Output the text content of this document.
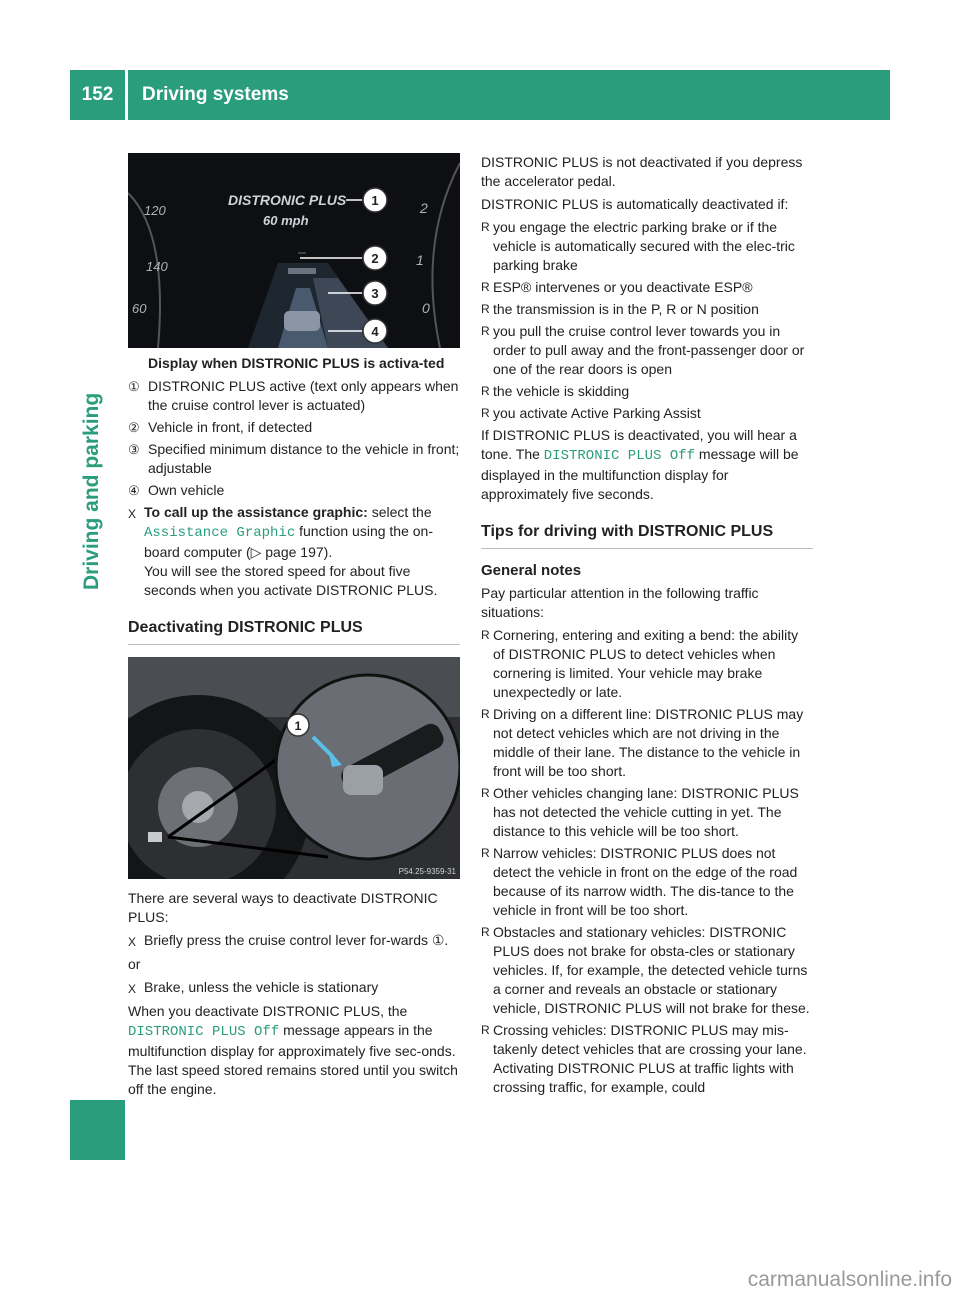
152	Driving systems
Driving and parking
DISTRONIC PLUS
60 mph
120
140
60
2
1
0
1
2
3
4

Display when DISTRONIC PLUS is activa-ted

① DISTRONIC PLUS active (text only appears when the cruise control lever is actuated)
② Vehicle in front, if detected
③ Specified minimum distance to the vehicle in front; adjustable
④ Own vehicle
X To call up the assistance graphic: select the
Assistance Graphic function using the on-board computer (▷ page 197).
You will see the stored speed for about five seconds when you activate DISTRONIC PLUS.
Deactivating DISTRONIC PLUS
1
P54.25-9359-31

There are several ways to deactivate DISTRONIC PLUS:

X Briefly press the cruise control lever for-wards ①.

or

X Brake, unless the vehicle is stationary

When you deactivate DISTRONIC PLUS, the
DISTRONIC PLUS Off message appears in the multifunction display for approximately five sec-onds. The last speed stored remains stored until you switch off the engine.

DISTRONIC PLUS is not deactivated if you depress the accelerator pedal.

DISTRONIC PLUS is automatically deactivated if:

R you engage the electric parking brake or if the vehicle is automatically secured with the elec-tric parking brake
R ESP® intervenes or you deactivate ESP®
R the transmission is in the P, R or N position
R you pull the cruise control lever towards you in order to pull away and the front-passenger door or one of the rear doors is open
R the vehicle is skidding
R you activate Active Parking Assist

If DISTRONIC PLUS is deactivated, you will hear a tone. The DISTRONIC PLUS Off message will be displayed in the multifunction display for approximately five seconds.

Tips for driving with DISTRONIC PLUS
General notes

Pay particular attention in the following traffic situations:

R Cornering, entering and exiting a bend: the ability of DISTRONIC PLUS to detect vehicles when cornering is limited. Your vehicle may brake unexpectedly or late.
R Driving on a different line: DISTRONIC PLUS may not detect vehicles which are not driving in the middle of their lane. The distance to the vehicle in front will be too short.
R Other vehicles changing lane: DISTRONIC PLUS has not detected the vehicle cutting in yet. The distance to this vehicle will be too short.
R Narrow vehicles: DISTRONIC PLUS does not detect the vehicle in front on the edge of the road because of its narrow width. The dis-tance to the vehicle in front will be too short.
R Obstacles and stationary vehicles: DISTRONIC PLUS does not brake for obsta-cles or stationary vehicles. If, for example, the detected vehicle turns a corner and reveals an obstacle or stationary vehicle, DISTRONIC PLUS will not brake for these.
R Crossing vehicles: DISTRONIC PLUS may mis-takenly detect vehicles that are crossing your lane. Activating DISTRONIC PLUS at traffic lights with crossing traffic, for example, could
carmanualsonline.info
